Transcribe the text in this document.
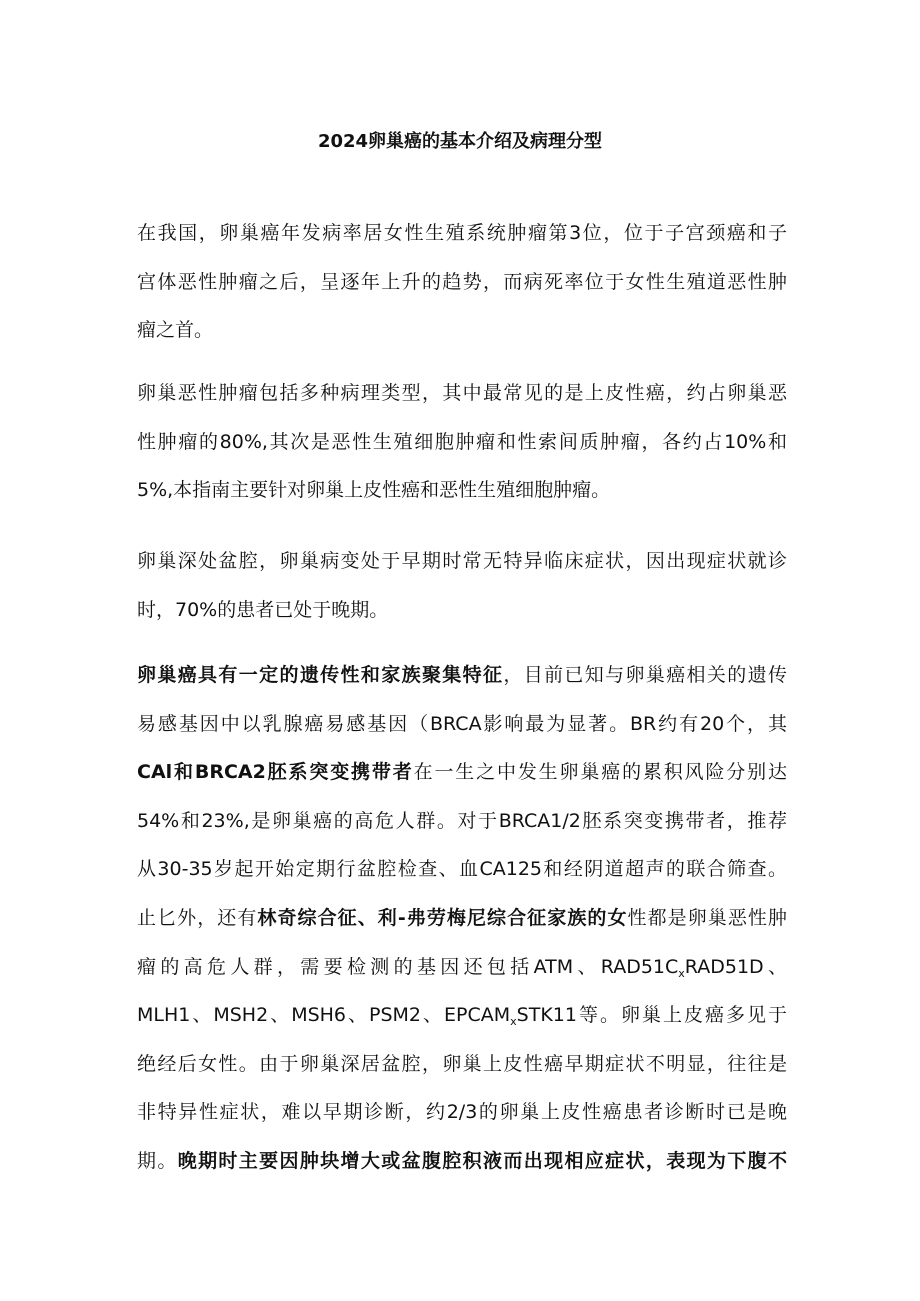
2024卵巢癌的基本介绍及病理分型
在我国，卵巢癌年发病率居女性生殖系统肿瘤第3位，位于子宫颈癌和子
宫体恶性肿瘤之后，呈逐年上升的趋势，而病死率位于女性生殖道恶性肿
瘤之首。
卵巢恶性肿瘤包括多种病理类型，其中最常见的是上皮性癌，约占卵巢恶
性肿瘤的80%,其次是恶性生殖细胞肿瘤和性索间质肿瘤，各约占10%和
5%,本指南主要针对卵巢上皮性癌和恶性生殖细胞肿瘤。
卵巢深处盆腔，卵巢病变处于早期时常无特异临床症状，因出现症状就诊
时，70%的患者已处于晚期。
卵巢癌具有一定的遗传性和家族聚集特征，目前已知与卵巢癌相关的遗传
易感基因中以乳腺癌易感基因（BRCA影响最为显著。BR约有20个，其
CAl和BRCA2胚系突变携带者在一生之中发生卵巢癌的累积风险分别达
54%和23%,是卵巢癌的高危人群。对于BRCA1/2胚系突变携带者，推荐
从30-35岁起开始定期行盆腔检查、血CA125和经阴道超声的联合筛查。
止匕外，还有林奇综合征、利-弗劳梅尼综合征家族的女性都是卵巢恶性肿
瘤的高危人群，需要检测的基因还包括ATM、$RAD51C_xRAD51D$、
MLH1、MSH2、MSH6、PSM2、$EPCAM_xSTK11$等。卵巢上皮癌多见于
绝经后女性。由于卵巢深居盆腔，卵巢上皮性癌早期症状不明显，往往是
非特异性症状，难以早期诊断，约2/3的卵巢上皮性癌患者诊断时已是晚
期。晚期时主要因肿块增大或盆腹腔积液而出现相应症状，表现为下腹不
